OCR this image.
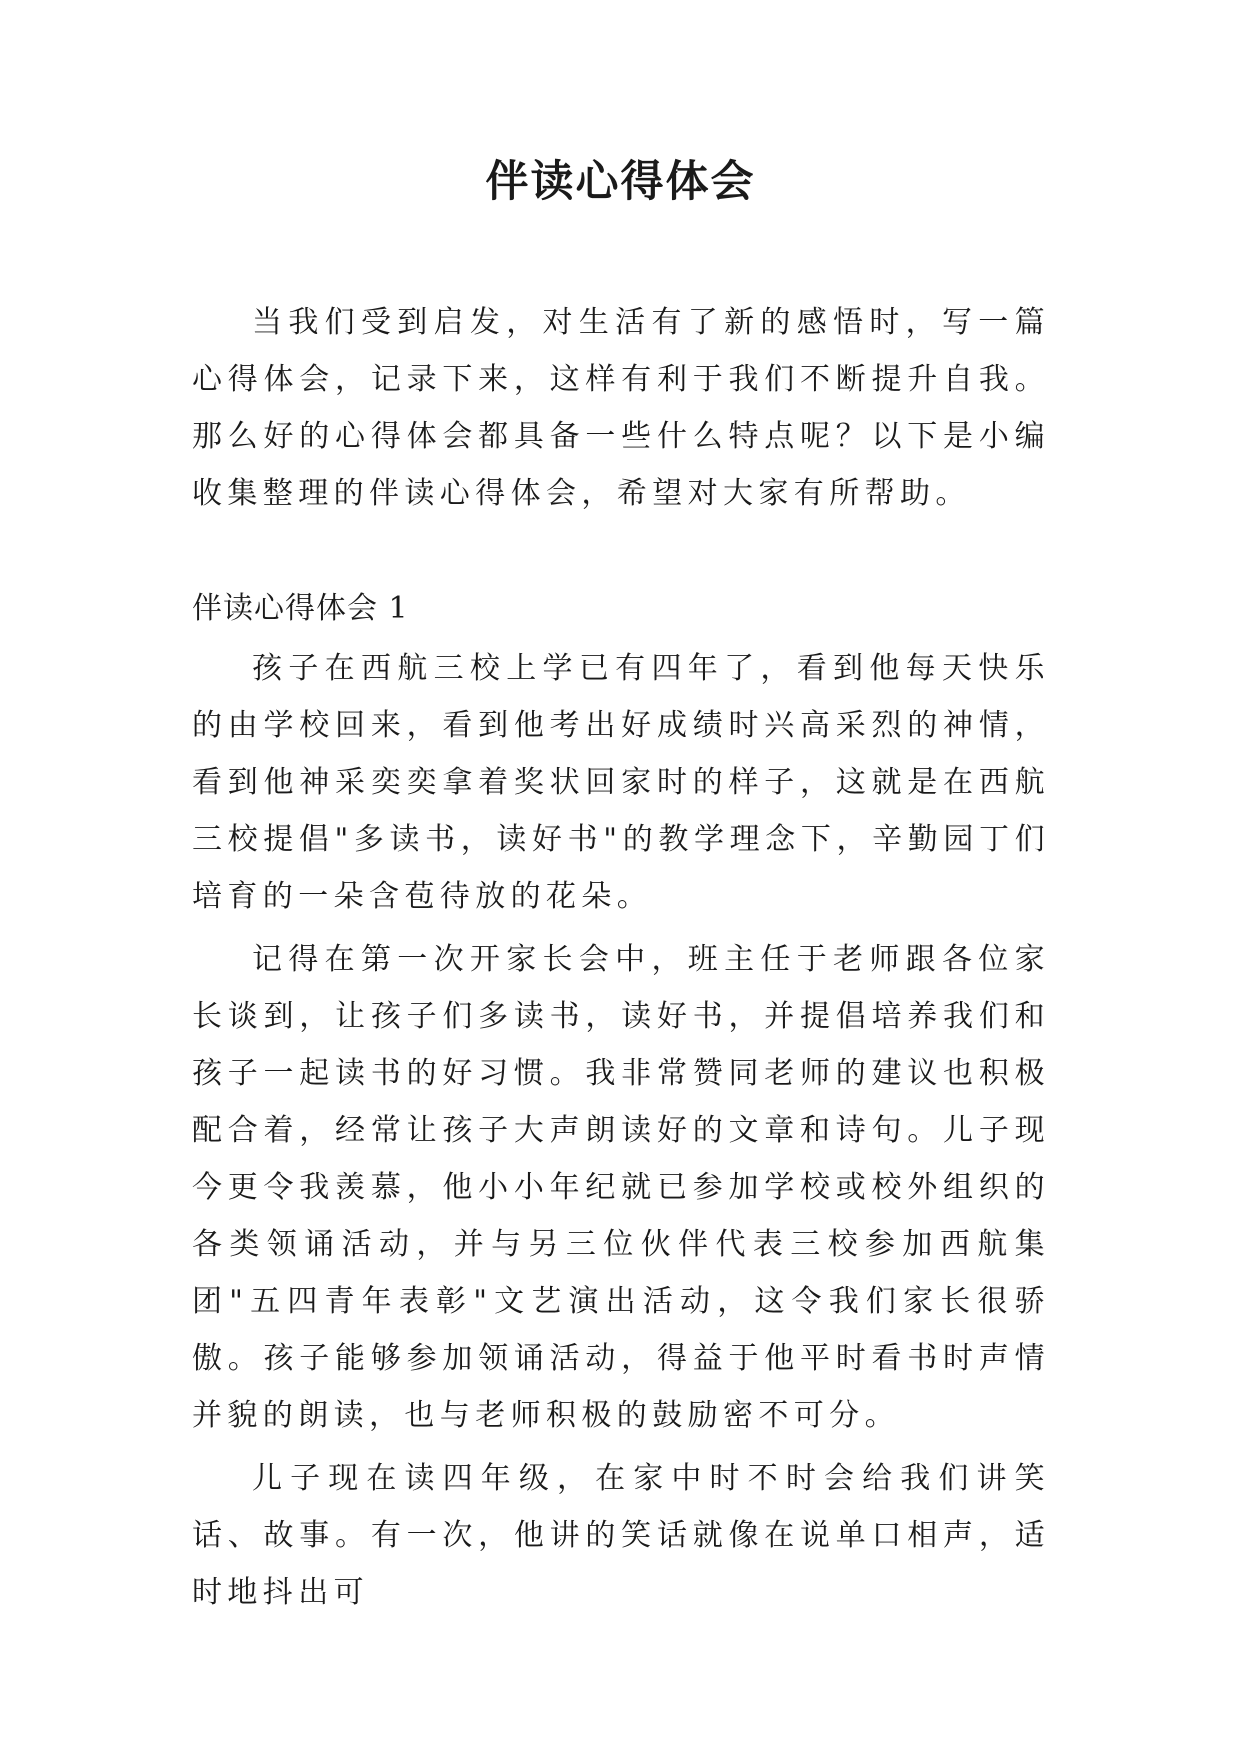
伴读心得体会

当我们受到启发，对生活有了新的感悟时，写一篇心得体会，记录下来，这样有利于我们不断提升自我。那么好的心得体会都具备一些什么特点呢？以下是小编收集整理的伴读心得体会，希望对大家有所帮助。

伴读心得体会 1

孩子在西航三校上学已有四年了，看到他每天快乐的由学校回来，看到他考出好成绩时兴高采烈的神情，看到他神采奕奕拿着奖状回家时的样子，这就是在西航三校提倡"多读书，读好书"的教学理念下，辛勤园丁们培育的一朵含苞待放的花朵。

记得在第一次开家长会中，班主任于老师跟各位家长谈到，让孩子们多读书，读好书，并提倡培养我们和孩子一起读书的好习惯。我非常赞同老师的建议也积极配合着，经常让孩子大声朗读好的文章和诗句。儿子现今更令我羡慕，他小小年纪就已参加学校或校外组织的各类领诵活动，并与另三位伙伴代表三校参加西航集团"五四青年表彰"文艺演出活动，这令我们家长很骄傲。孩子能够参加领诵活动，得益于他平时看书时声情并貌的朗读，也与老师积极的鼓励密不可分。

儿子现在读四年级，在家中时不时会给我们讲笑话、故事。有一次，他讲的笑话就像在说单口相声，适时地抖出可
